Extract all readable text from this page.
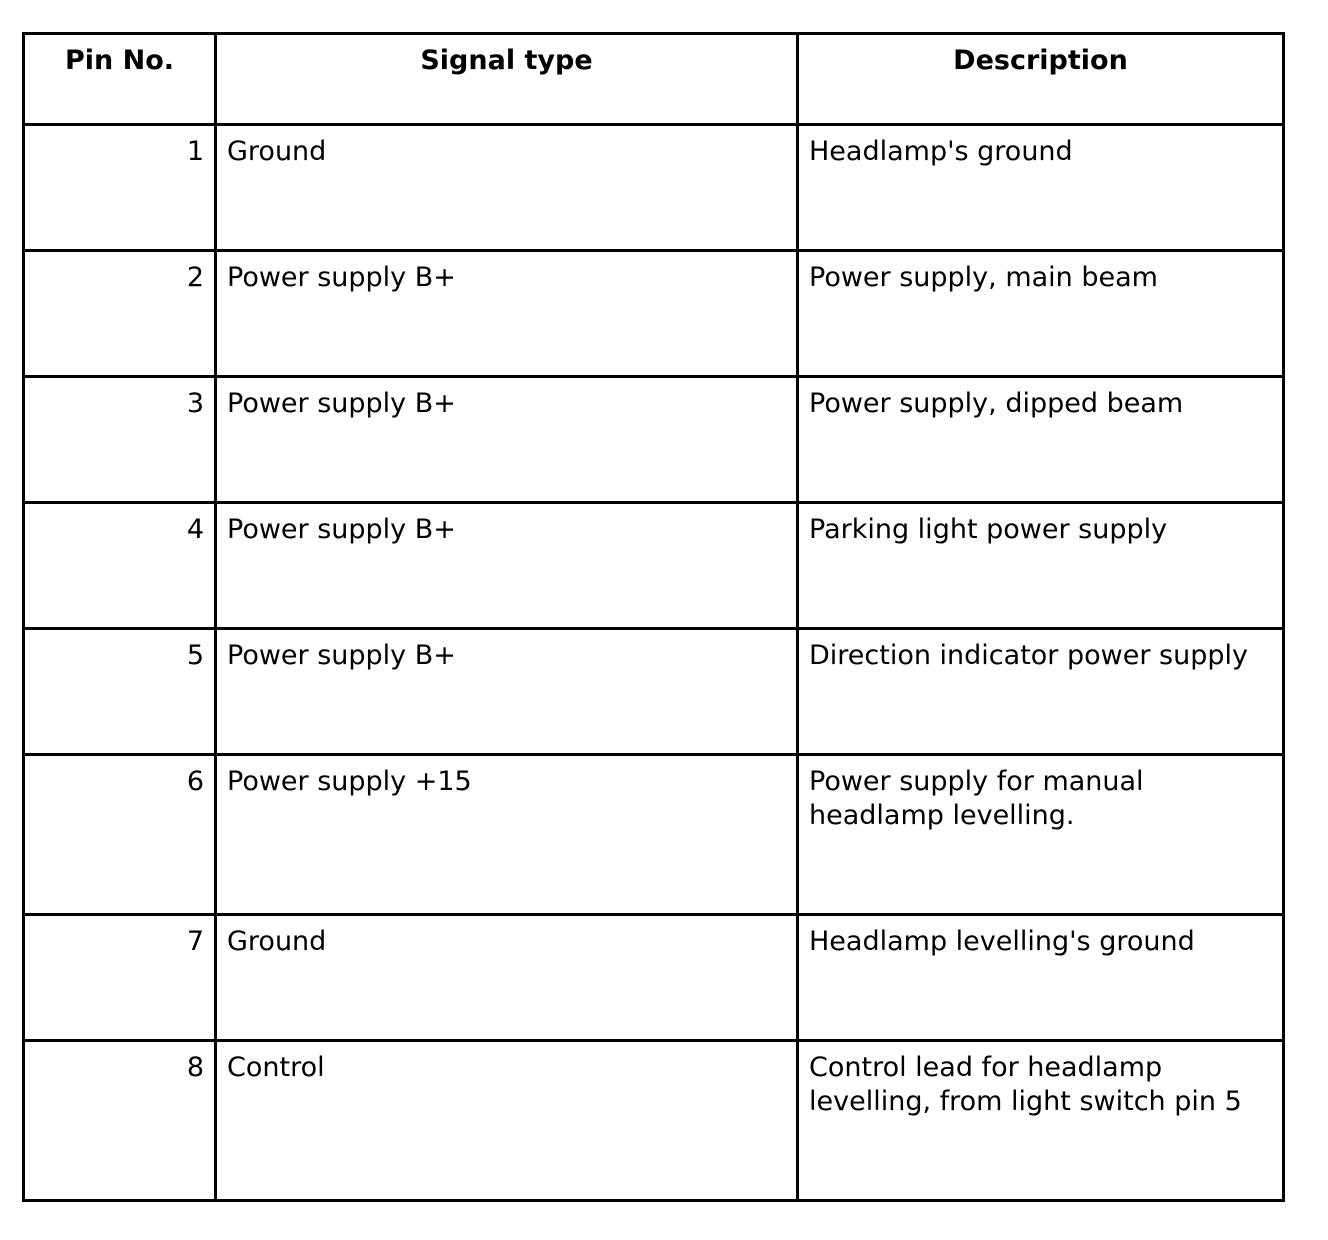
Pin No.	Signal type	Description
1	Ground	Headlamp's ground
2	Power supply B+	Power supply, main beam
3	Power supply B+	Power supply, dipped beam
4	Power supply B+	Parking light power supply
5	Power supply B+	Direction indicator power supply
6	Power supply +15	Power supply for manual headlamp levelling.
7	Ground	Headlamp levelling's ground
8	Control	Control lead for headlamp levelling, from light switch pin 5
